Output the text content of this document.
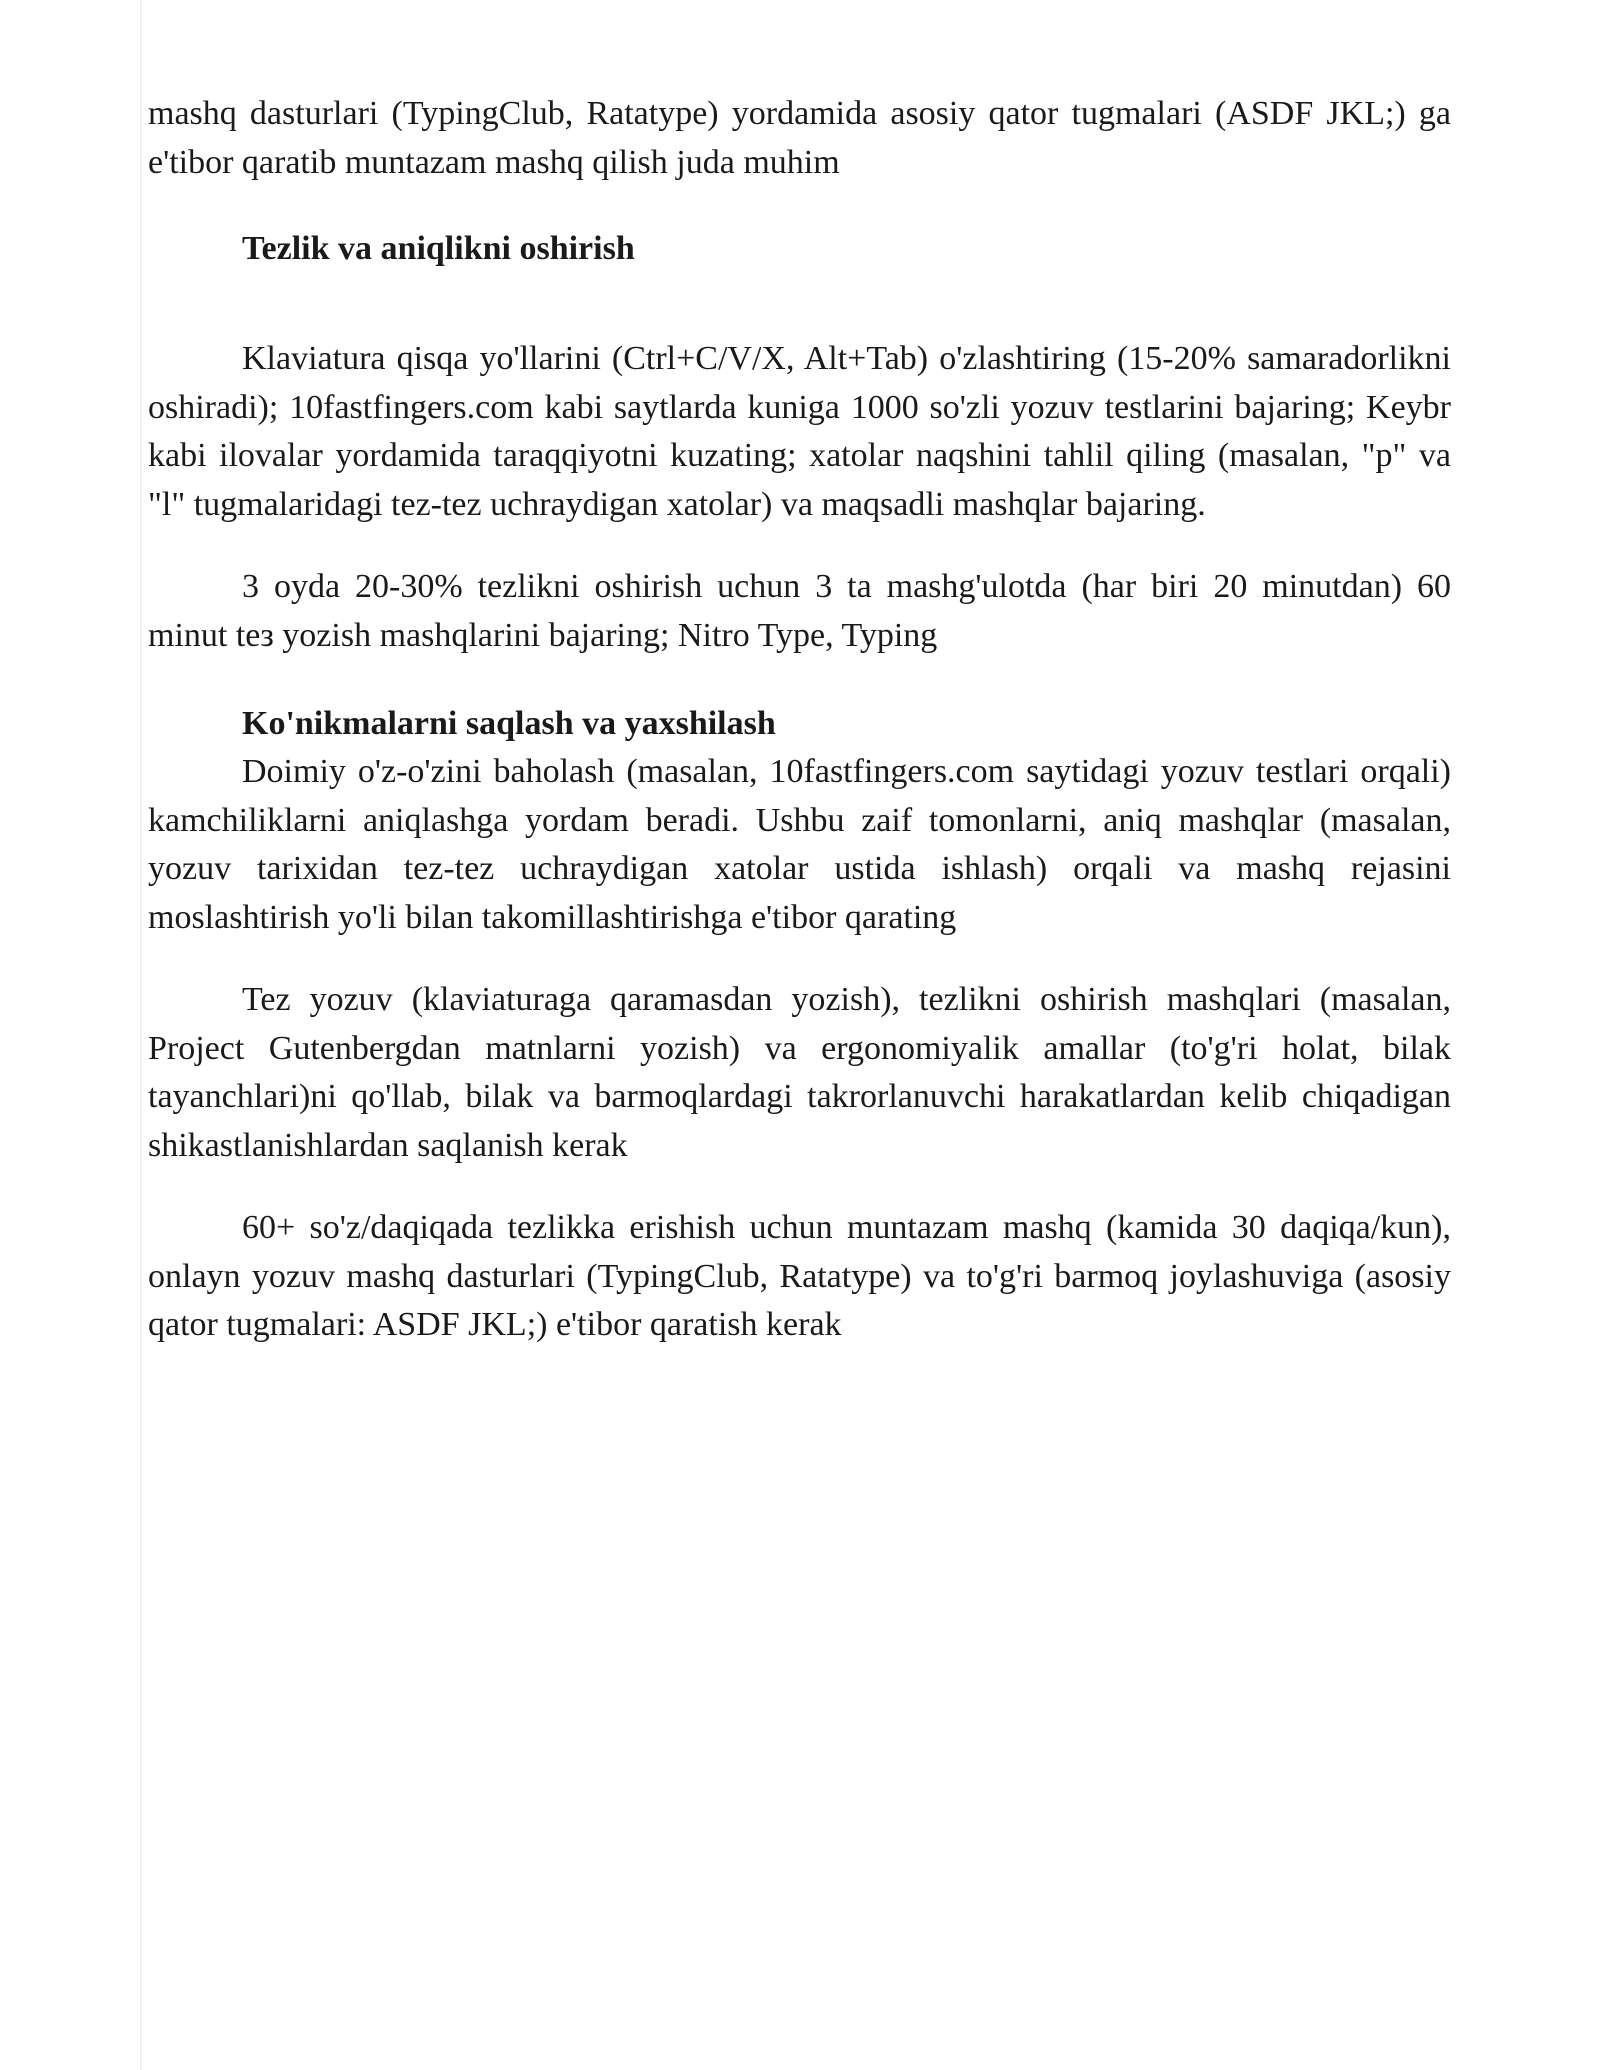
mashq dasturlari (TypingClub, Ratatype) yordamida asosiy qator tugmalari (ASDF JKL;) ga e'tibor qaratib muntazam mashq qilish juda muhim

Tezlik va aniqlikni oshirish

Klaviatura qisqa yo'llarini (Ctrl+C/V/X, Alt+Tab) o'zlashtiring (15-20% samaradorlikni oshiradi); 10fastfingers.com kabi saytlarda kuniga 1000 so'zli yozuv testlarini bajaring; Keybr kabi ilovalar yordamida taraqqiyotni kuzating; xatolar naqshini tahlil qiling (masalan, "p" va "l" tugmalaridagi tez-tez uchraydigan xatolar) va maqsadli mashqlar bajaring.

3 oyda 20-30% tezlikni oshirish uchun 3 ta mashg'ulotda (har biri 20 minutdan) 60 minut teз yozish mashqlarini bajaring; Nitro Type, Typing

Ko'nikmalarni saqlash va yaxshilash

Doimiy o'z-o'zini baholash (masalan, 10fastfingers.com saytidagi yozuv testlari orqali) kamchiliklarni aniqlashga yordam beradi. Ushbu zaif tomonlarni, aniq mashqlar (masalan, yozuv tarixidan tez-tez uchraydigan xatolar ustida ishlash) orqali va mashq rejasini moslashtirish yo'li bilan takomillashtirishga e'tibor qarating

Tez yozuv (klaviaturaga qaramasdan yozish), tezlikni oshirish mashqlari (masalan, Project Gutenbergdan matnlarni yozish) va ergonomiyalik amallar (to'g'ri holat, bilak tayanchlari)ni qo'llab, bilak va barmoqlardagi takrorlanuvchi harakatlardan kelib chiqadigan shikastlanishlardan saqlanish kerak

60+ so'z/daqiqada tezlikka erishish uchun muntazam mashq (kamida 30 daqiqa/kun), onlayn yozuv mashq dasturlari (TypingClub, Ratatype) va to'g'ri barmoq joylashuviga (asosiy qator tugmalari: ASDF JKL;) e'tibor qaratish kerak
